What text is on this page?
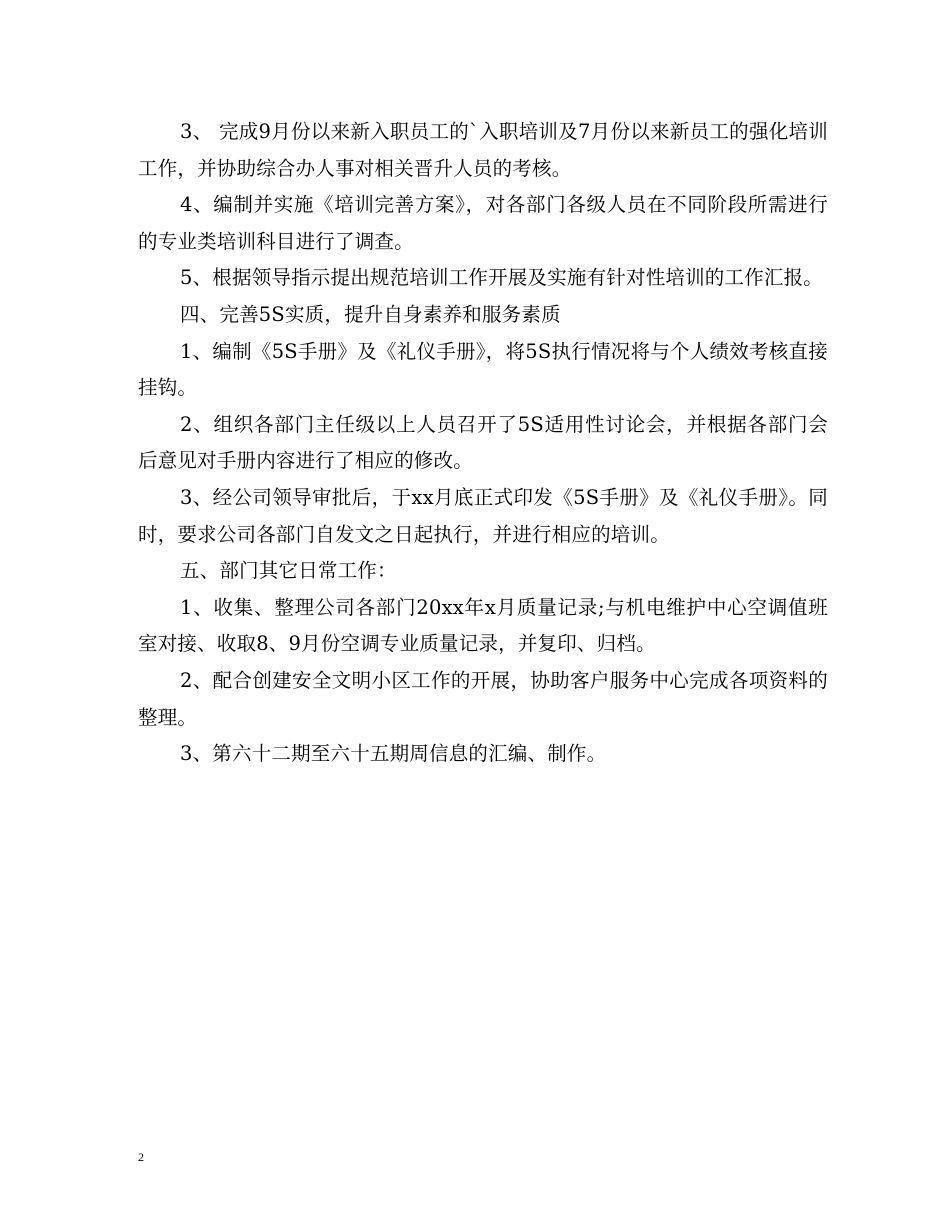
3、 完成9月份以来新入职员工的`入职培训及7月份以来新员工的强化培训工作，并协助综合办人事对相关晋升人员的考核。

4、编制并实施《培训完善方案》，对各部门各级人员在不同阶段所需进行的专业类培训科目进行了调查。

5、根据领导指示提出规范培训工作开展及实施有针对性培训的工作汇报。

四、完善5S实质，提升自身素养和服务素质

1、编制《5S手册》及《礼仪手册》，将5S执行情况将与个人绩效考核直接挂钩。

2、组织各部门主任级以上人员召开了5S适用性讨论会，并根据各部门会后意见对手册内容进行了相应的修改。

3、经公司领导审批后，于xx月底正式印发《5S手册》及《礼仪手册》。同时，要求公司各部门自发文之日起执行，并进行相应的培训。

五、部门其它日常工作：

1、收集、整理公司各部门20xx年x月质量记录;与机电维护中心空调值班室对接、收取8、9月份空调专业质量记录，并复印、归档。

2、配合创建安全文明小区工作的开展，协助客户服务中心完成各项资料的整理。

3、第六十二期至六十五期周信息的汇编、制作。

2
